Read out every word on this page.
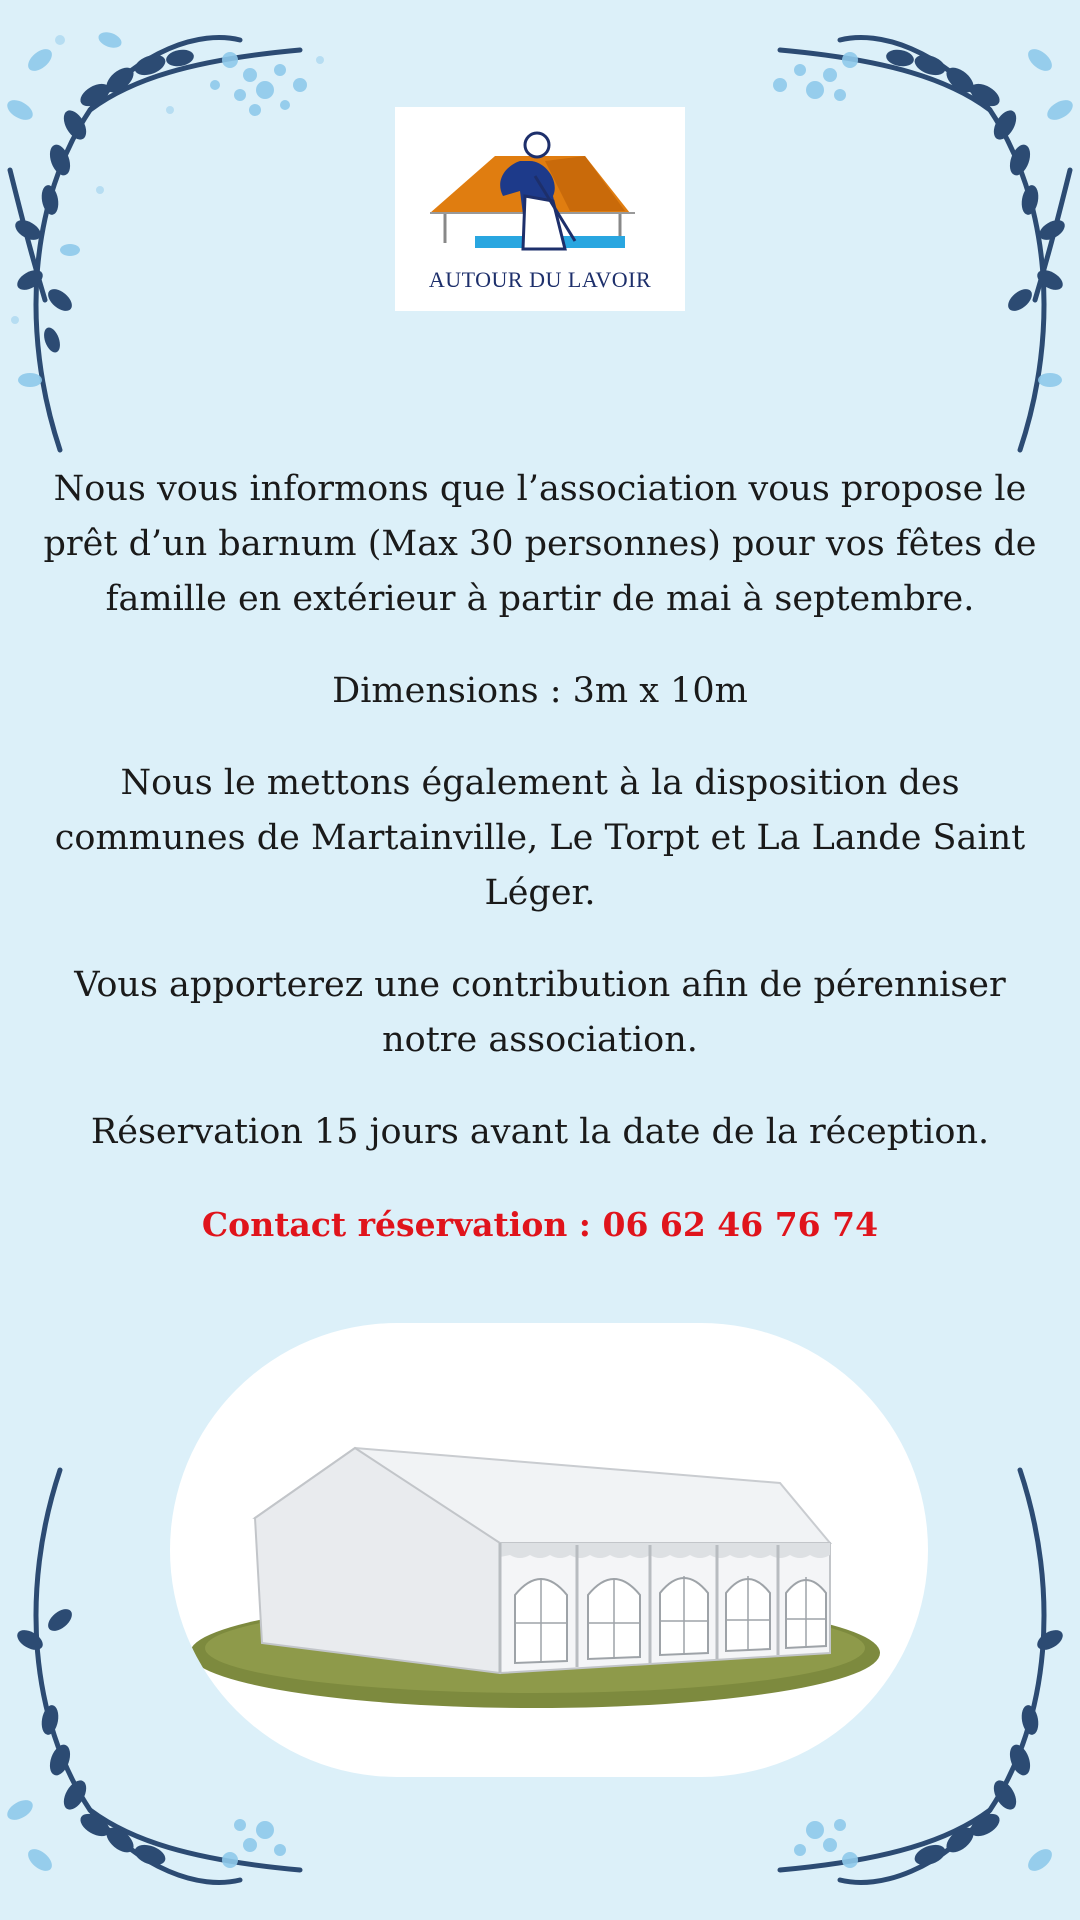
AUTOUR DU LAVOIR

Nous vous informons que l’association vous propose le prêt d’un barnum (Max 30 personnes) pour vos fêtes de famille en extérieur à partir de mai à septembre.

Dimensions : 3m x 10m

Nous le mettons également à la disposition des communes de Martainville, Le Torpt et La Lande Saint Léger.

Vous apporterez une contribution afin de pérenniser notre association.

Réservation 15 jours avant la date de la réception.

Contact réservation : 06 62 46 76 74
